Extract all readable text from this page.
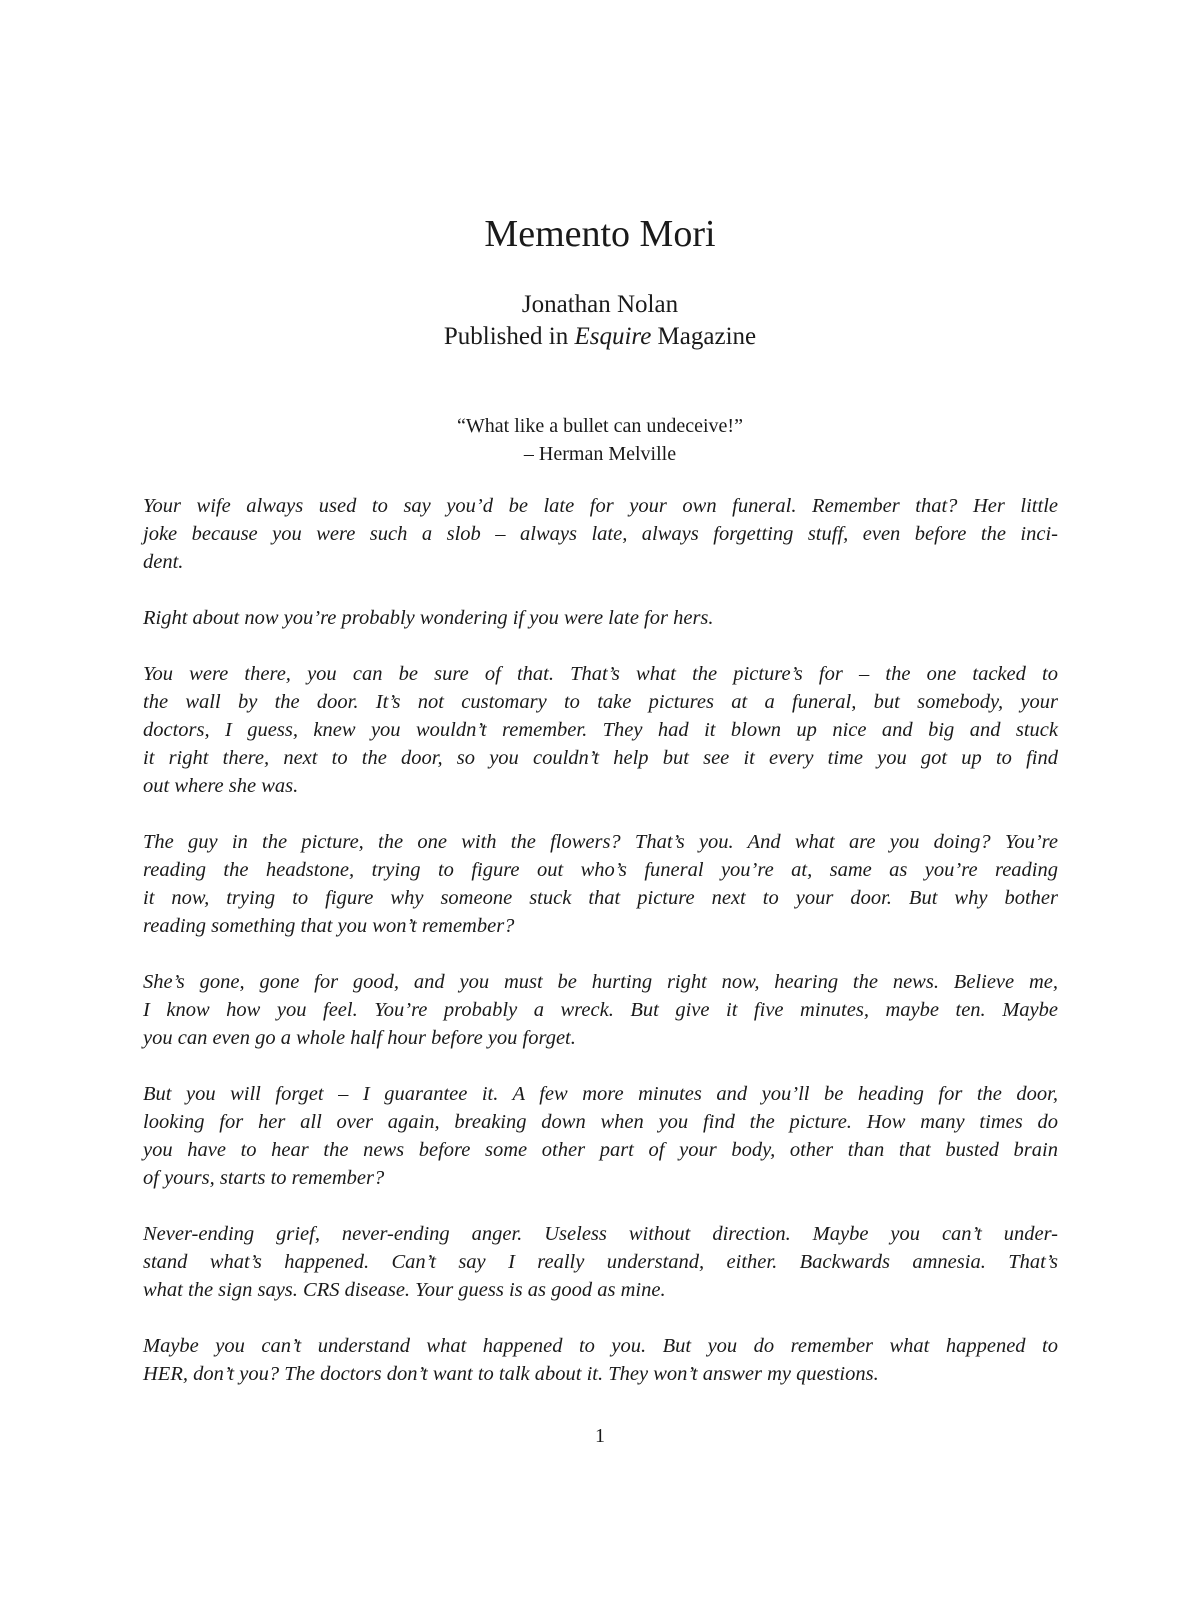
Memento Mori
Jonathan Nolan
Published in Esquire Magazine
“What like a bullet can undeceive!”
– Herman Melville
Your wife always used to say you’d be late for your own funeral. Remember that? Her little
joke because you were such a slob – always late, always forgetting stuff, even before the inci-
dent.
Right about now you’re probably wondering if you were late for hers.
You were there, you can be sure of that. That’s what the picture’s for – the one tacked to
the wall by the door. It’s not customary to take pictures at a funeral, but somebody, your
doctors, I guess, knew you wouldn’t remember. They had it blown up nice and big and stuck
it right there, next to the door, so you couldn’t help but see it every time you got up to find
out where she was.
The guy in the picture, the one with the flowers? That’s you. And what are you doing? You’re
reading the headstone, trying to figure out who’s funeral you’re at, same as you’re reading
it now, trying to figure why someone stuck that picture next to your door. But why bother
reading something that you won’t remember?
She’s gone, gone for good, and you must be hurting right now, hearing the news. Believe me,
I know how you feel. You’re probably a wreck. But give it five minutes, maybe ten. Maybe
you can even go a whole half hour before you forget.
But you will forget – I guarantee it. A few more minutes and you’ll be heading for the door,
looking for her all over again, breaking down when you find the picture. How many times do
you have to hear the news before some other part of your body, other than that busted brain
of yours, starts to remember?
Never-ending grief, never-ending anger. Useless without direction. Maybe you can’t under-
stand what’s happened. Can’t say I really understand, either. Backwards amnesia. That’s
what the sign says. CRS disease. Your guess is as good as mine.
Maybe you can’t understand what happened to you. But you do remember what happened to
HER, don’t you? The doctors don’t want to talk about it. They won’t answer my questions.
1
